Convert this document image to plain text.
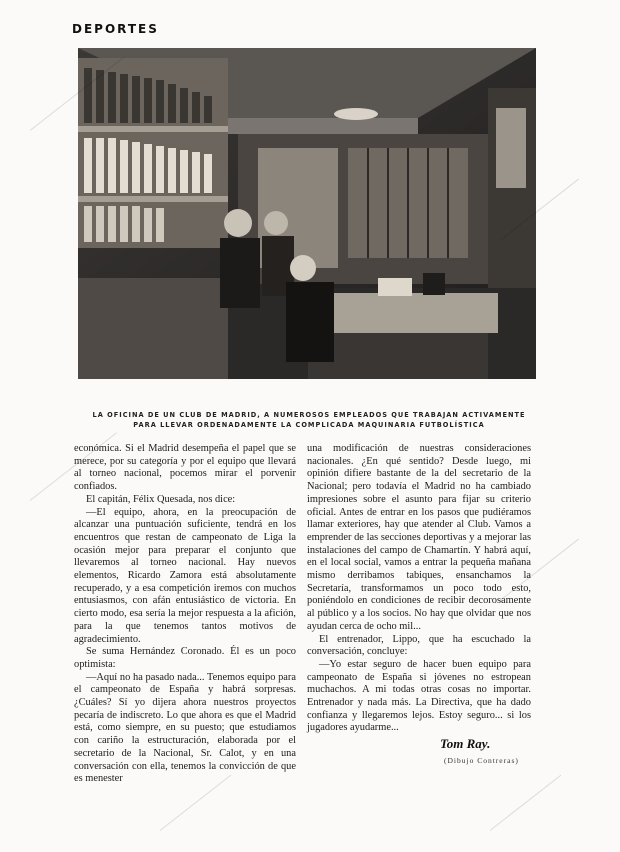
DEPORTES
LA OFICINA DE UN CLUB DE MADRID, A NUMEROSOS EMPLEADOS QUE TRABAJAN ACTIVAMENTE
PARA LLEVAR ORDENADAMENTE LA COMPLICADA MAQUINARIA FUTBOLÍSTICA

económica. Si el Madrid desempeña el papel que se merece, por su categoría y por el equipo que llevará al torneo nacional, pocemos mirar el porvenir confiados.

El capitán, Félix Quesada, nos dice:

—El equipo, ahora, en la preocupación de alcanzar una puntuación suficiente, tendrá en los encuentros que restan de campeonato de Liga la ocasión mejor para preparar el conjunto que llevaremos al torneo nacional. Hay nuevos elementos, Ricardo Zamora está absolutamente recuperado, y a esa competición iremos con muchos entusiasmos, con afán entusiástico de victoria. En cierto modo, esa sería la mejor respuesta a la afición, para la que tenemos tantos motivos de agradecimiento.

Se suma Hernández Coronado. Él es un poco optimista:

—Aquí no ha pasado nada... Tenemos equipo para el campeonato de España y habrá sorpresas. ¿Cuáles? Sí yo dijera ahora nuestros proyectos pecaría de indiscreto. Lo que ahora es que el Madrid está, como siempre, en su puesto; que estudiamos con cariño la estructuración, elaborada por el secretario de la Nacional, Sr. Calot, y en una conversación con ella, tenemos la convicción de que es menester

una modificación de nuestras consideraciones nacionales. ¿En qué sentido? Desde luego, mi opinión difiere bastante de la del secretario de la Nacional; pero todavía el Madrid no ha cambiado impresiones sobre el asunto para fijar su criterio oficial. Antes de entrar en los pasos que pudiéramos llamar exteriores, hay que atender al Club. Vamos a emprender de las secciones deportivas y a mejorar las instalaciones del campo de Chamartín. Y habrá aquí, en el local social, vamos a entrar la pequeña mañana mismo derribamos tabiques, ensanchamos la Secretaría, transformamos un poco todo esto, poniéndolo en condiciones de recibir decorosamente al público y a los socios. No hay que olvidar que nos ayudan cerca de ocho mil...

El entrenador, Lippo, que ha escuchado la conversación, concluye:

—Yo estar seguro de hacer buen equipo para campeonato de España si jóvenes no estropean muchachos. A mi todas otras cosas no importar. Entrenador y nada más. La Directiva, que ha dado confianza y llegaremos lejos. Estoy seguro... si los jugadores ayudarme...

Tom Ray.
(Dibujo Contreras)
